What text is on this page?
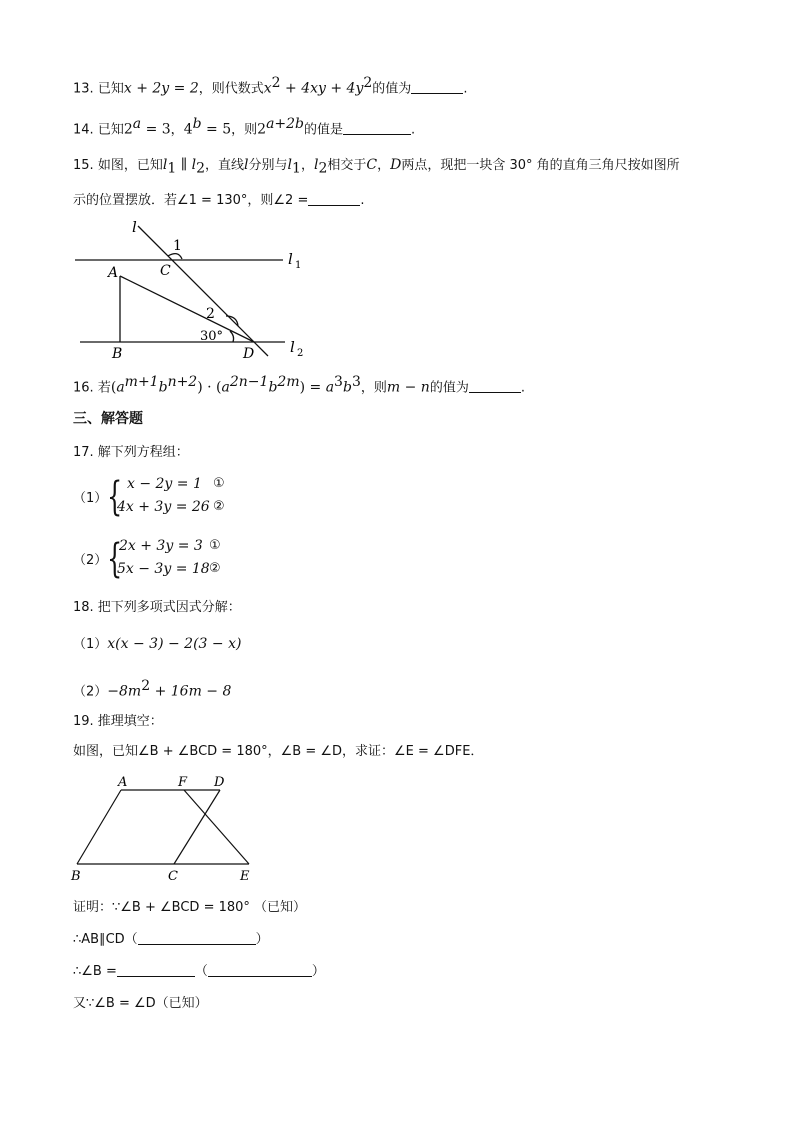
13. 已知x + 2y = 2，则代数式$x^2 + 4xy + 4y^2$的值为	.
14. 已知$2^a = 3$，$4^b = 5$，则$2^{a+2b}$的值是	.
15. 如图，已知$l_1$ ∥ $l_2$，直线l分别与$l_1$，$l_2$相交于C，D两点，现把一块含 30° 角的直角三角尺按如图所
示的位置摆放．若∠1 = 130°，则∠2 =	.
l
1
l 1
A	C
2
30°
B	D l 2
16. 若$(a^{m+1}b^{n+2}) \cdot (a^{2n-1}b^{2m}) = a^3b^3$，则m − n的值为	.
三、解答题
17. 解下列方程组：
（1） { x − 2y = 1 ①
4x + 3y = 26 ②
（2） {
2x + 3y = 3 ①
5x − 3y = 18 ②
18. 把下列多项式因式分解：
（1）x(x − 3) − 2(3 − x)
$(2)-8m^2 + 16m - 8$
19. 推理填空：
如图，已知∠B + ∠BCD = 180°，∠B = ∠D，求证：∠E = ∠DFE．
A	F D
B	C	E
证明：∵∠B + ∠BCD = 180° （已知）
∴AB∥CD（	）
∴∠B =	（	）
又∵∠B = ∠D（已知）
